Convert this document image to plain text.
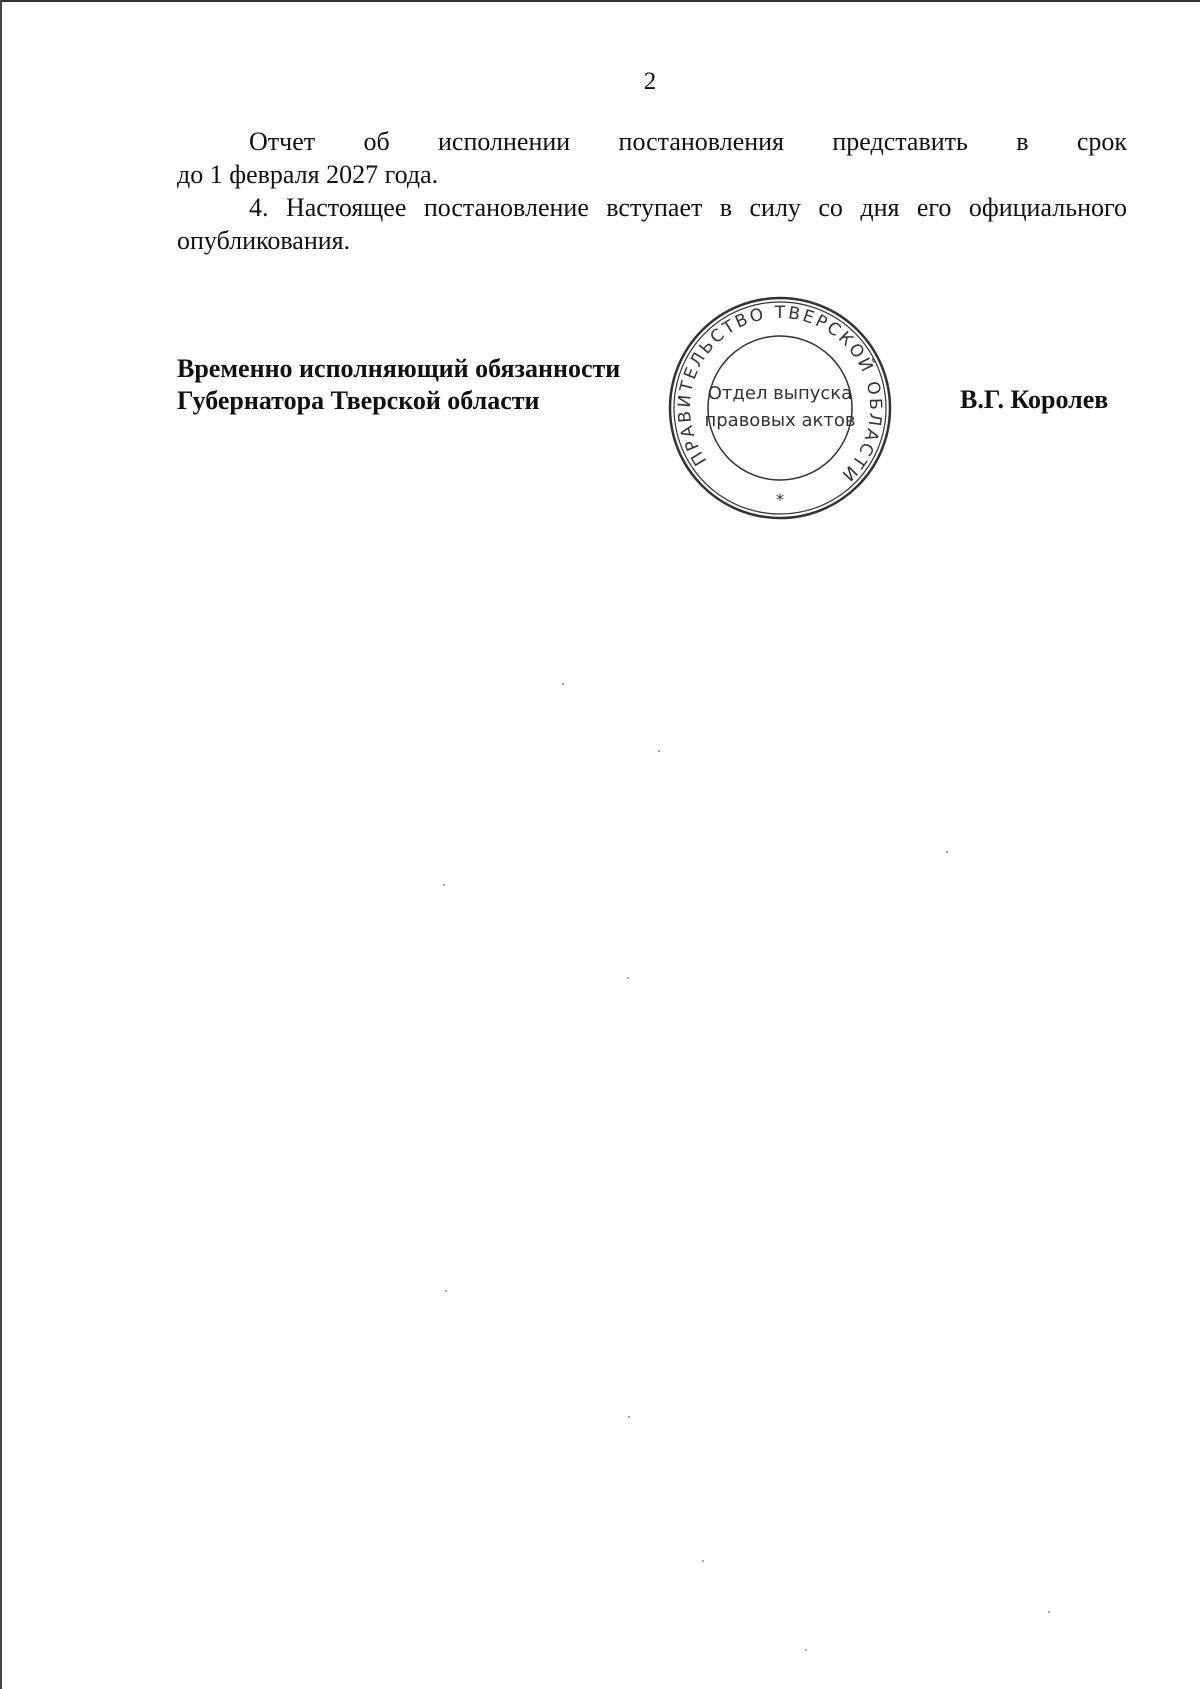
2
Отчет об исполнении постановления представить в срок
до 1 февраля 2027 года.
4. Настоящее постановление вступает в силу со дня его официального опубликования.
Временно исполняющий обязанности
Губернатора Тверской области	В.Г. Королев
ПРАВИТЕЛЬСТВО ТВЕРСКОЙ ОБЛАСТИ
Отдел выпуска
правовых актов
*
